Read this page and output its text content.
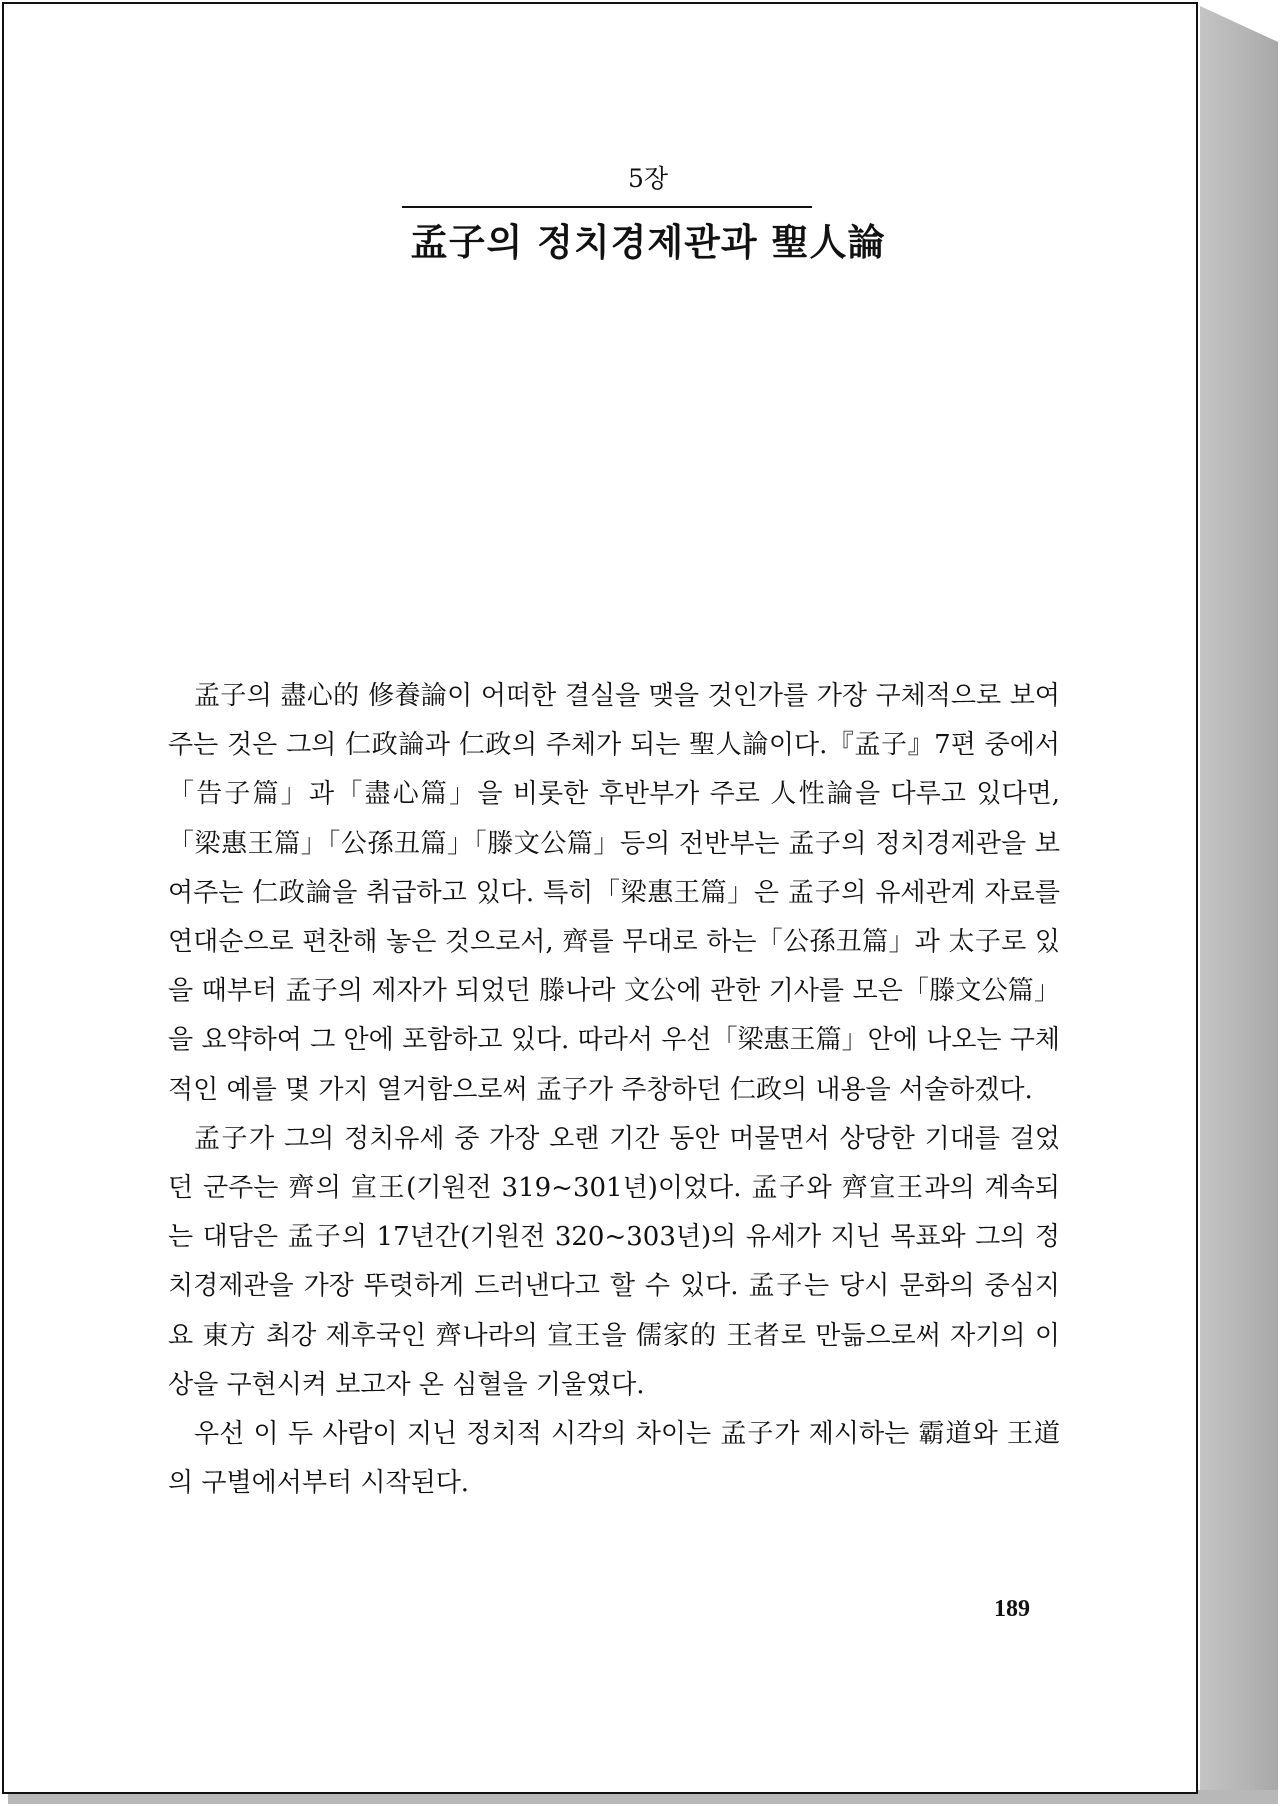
5장
孟子의 정치경제관과 聖人論

孟子의 盡心的 修養論이 어떠한 결실을 맺을 것인가를 가장 구체적으로 보여주는 것은 그의 仁政論과 仁政의 주체가 되는 聖人論이다.『孟子』7편 중에서「告子篇」과「盡心篇」을 비롯한 후반부가 주로 人性論을 다루고 있다면,「梁惠王篇」「公孫丑篇」「滕文公篇」등의 전반부는 孟子의 정치경제관을 보여주는 仁政論을 취급하고 있다. 특히「梁惠王篇」은 孟子의 유세관계 자료를 연대순으로 편찬해 놓은 것으로서, 齊를 무대로 하는「公孫丑篇」과 太子로 있을 때부터 孟子의 제자가 되었던 滕나라 文公에 관한 기사를 모은「滕文公篇」을 요약하여 그 안에 포함하고 있다. 따라서 우선「梁惠王篇」안에 나오는 구체적인 예를 몇 가지 열거함으로써 孟子가 주창하던 仁政의 내용을 서술하겠다.

孟子가 그의 정치유세 중 가장 오랜 기간 동안 머물면서 상당한 기대를 걸었던 군주는 齊의 宣王(기원전 319~301년)이었다. 孟子와 齊宣王과의 계속되는 대담은 孟子의 17년간(기원전 320~303년)의 유세가 지닌 목표와 그의 정치경제관을 가장 뚜렷하게 드러낸다고 할 수 있다. 孟子는 당시 문화의 중심지요 東方 최강 제후국인 齊나라의 宣王을 儒家的 王者로 만듦으로써 자기의 이상을 구현시켜 보고자 온 심혈을 기울였다.

우선 이 두 사람이 지닌 정치적 시각의 차이는 孟子가 제시하는 霸道와 王道의 구별에서부터 시작된다.

189
